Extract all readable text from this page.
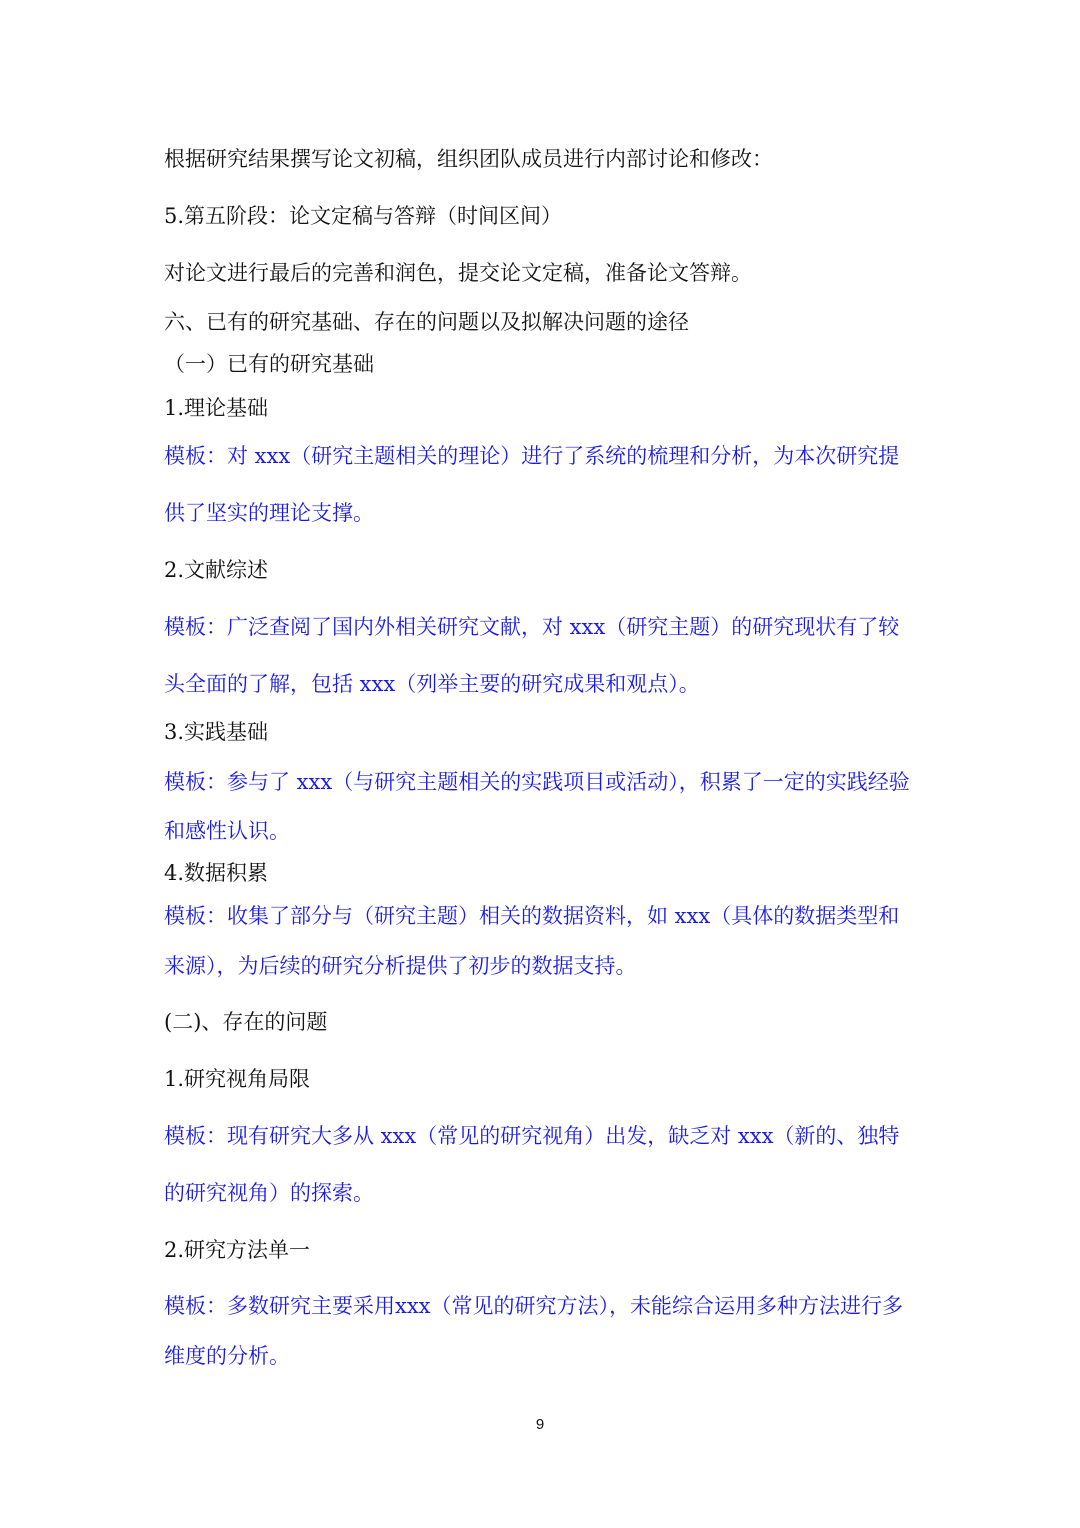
根据研究结果撰写论文初稿，组织团队成员进行内部讨论和修改：
5.第五阶段：论文定稿与答辩（时间区间）
对论文进行最后的完善和润色，提交论文定稿，准备论文答辩。
六、已有的研究基础、存在的问题以及拟解决问题的途径
（一）已有的研究基础
1.理论基础
模板：对 xxx（研究主题相关的理论）进行了系统的梳理和分析，为本次研究提
供了坚实的理论支撑。
2.文献综述
模板：广泛查阅了国内外相关研究文献，对 xxx（研究主题）的研究现状有了较
头全面的了解，包括 xxx（列举主要的研究成果和观点）。
3.实践基础
模板：参与了 xxx（与研究主题相关的实践项目或活动），积累了一定的实践经验
和感性认识。
4.数据积累
模板：收集了部分与（研究主题）相关的数据资料，如 xxx（具体的数据类型和
来源），为后续的研究分析提供了初步的数据支持。
(二)、存在的问题
1.研究视角局限
模板：现有研究大多从 xxx（常见的研究视角）出发，缺乏对 xxx（新的、独特
的研究视角）的探索。
2.研究方法单一
模板：多数研究主要采用xxx（常见的研究方法），未能综合运用多种方法进行多
维度的分析。
9
